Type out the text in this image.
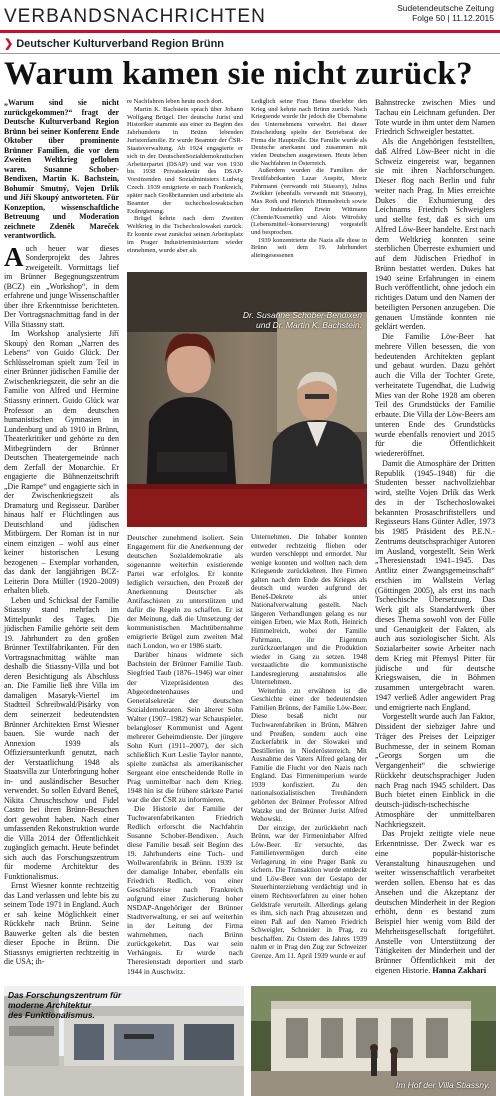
VERBANDSNACHRICHTEN	Sudetendeutsche Zeitung
Folge 50 | 11.12.2015
❯ Deutscher Kulturverband Region Brünn
Warum kamen sie nicht zurück?

„Warum sind sie nicht zurückgekommen?“ fragt der Deutsche Kulturverband Region Brünn bei seiner Konferenz Ende Oktober über prominente Brünner Familien, die vor dem Zweiten Weltkrieg geflohen waren. Susanne Schober-Bendixen, Martin K. Bachstein, Bohumír Smutný, Vojen Drlík und Jiří Skoupý antworteten. Für Konzeption, wissenschaftliche Betreuung und Moderation zeichnete Zdeněk Mareček verantwortlich.

Auch heuer war dieses Sonderprojekt des Jahres zweigeteilt. Vormittags lief im Brünner Begegnungszentrum (BCZ) ein „Workshop“, in dem erfahrene und junge Wissenschaftler über ihre Erkenntnisse berichteten. Der Vortragsnachmittag fand in der Villa Stiassny statt.

Im Workshop analysierte Jiří Skoupý den Roman „Narren des Lebens“ von Guido Glück. Der Schlüsselroman spielt zum Teil in einer Brünner jüdischen Familie der Zwischenkriegszeit, die sehr an die Familie von Alfred und Hermine Stiassny erinnert. Guido Glück war Professor an dem deutschen humanistischen Gymnasien in Lundenburg und ab 1910 in Brünn, Theaterkritiker und gehörte zu den Mitbegründern der Brünner Deutschen Theatergemeinde nach dem Zerfall der Monarchie. Er engagierte die Bühnenzeitschrift „Die Rampe“ und engagierte sich in der Zwischenkriegszeit als Dramaturg und Regisseur. Darüber hinaus half er Flüchtlingen aus Deutschland und jüdischen Mitbürgern. Der Roman ist in nur einem einzigen – wohl aus einer keiner historischen Lesung bezogenen – Exemplar vorhanden, das dank der langjährigen BCZ-Leiterin Dora Müller (1920–2009) erhalten blieb.

Leben und Schicksal der Familie Stiassny stand mehrfach im Mittelpunkt des Tages. Die jüdischen Familie gehörte seit dem 19. Jahrhundert zu den großen Brünner Textilfabrikanten. Für den Vortragsnachmittag wählte man deshalb die Stiassny-Villa und bot deren Besichtigung als Abschluss an. Die Familie ließ ihre Villa im damaligen Masaryk-Viertel im Stadtteil Schreibwald/Pisárky von dem seinerzeit bedeutendsten Brünner Architekten Ernst Wiesner bauen. Sie wurde nach der Annexion 1939 als Offiziersunterkunft genutzt, nach der Verstaatlichung 1948 als Staatsvilla zur Unterbringung hoher in- und ausländischer Besucher verwendet. So sollen Edvard Beneš, Nikita Chruschtschow und Fidel Castro bei ihren Brünn-Besuchen dort gewohnt haben. Nach einer umfassenden Rekonstruktion wurde die Villa 2014 der Öffentlichkeit zugänglich gemacht. Heute befindet sich auch das Forschungszentrum für moderne Architektur des Funktionalismus.

Ernst Wiesner konnte rechtzeitig das Land verlassen und lebte bis zu seinem Tode 1971 in England. Auch er sah keine Möglichkeit einer Rückkehr nach Brünn. Seine Bauwerke gelten als die besten dieser Epoche in Brünn. Die Stiassnys emigrierten rechtzeitig in die USA; ih-

re Nachfahren leben heute noch dort.

Martin K. Bachstein sprach über Johann Wolfgang Brügel. Der deutsche Jurist und Historiker stammte aus einer zu Beginn des Jahrhunderts in Brünn lebenden Juristenfamilie. Er wurde Beamter der ČSR-Staatsverwaltung. Ab 1924 engagierte er sich in der DeutschenSozialdemokratischen Arbeiterpartei (DSAP) und war von 1930 bis 1938 Privatsekretär des DSAP-Vorsitzenden und Sozialministers Ludwig Czech. 1939 emigrierte er nach Frankreich, später nach Großbritannien und arbeitete als Beamter der tschechoslowakischen Exilregierung.

Brügel kehrte nach dem Zweiten Weltkrieg in die Tschechoslowakei zurück. Er konnte zwar zunächst seinen Arbeitsplatz im Prager Industrieministerium wieder einnehmen, wurde aber als

Lediglich seine Frau Hana überlebte den Krieg und kehrte nach Brünn zurück. Nach Kriegsende wurde ihr jedoch die Übernahme des Unternehmens verwehrt. Bei dieser Entscheidung spielte der Betriebsrat der Firma die Hauptrolle. Die Familie wurde als Deutsche anerkannt und zusammen mit vielen Deutschen ausgewiesen. Heute leben die Nachfahren in Österreich.

Außerdem wurden die Familien der Textilfabrikanten Lazar Auspitz, Moriz Fuhrmann (verwandt mit Stiassny), Julius Zwikker (ebenfalls verwandt mit Stiassny), Max Roth und Heinrich Himmelreich sowie der Industriellen Erwin Wittmann (Chemie/Kosmetik) und Alois Witrofsky (Lebensmittel/-konservierung) vorgestellt und besprochen.

1939 konzentrierte die Nazis alle diese in Brünn seit dem 19. Jahrhundert alteingesessenen

Dr. Susanne Schober-Bendixen
und Dr. Martin K. Bachstein.

Deutscher zunehmend isoliert. Sein Engagement für die Anerkennung der deutschen Sozialdemokratie als sogenannte weiterhin existierende Partei war erfolglos. Er konnte lediglich versuchen, den Prozeß der Anerkennung Deutscher als Antifaschisten zu unterstützen und dafür die Regeln zu schaffen. Er ist der Meinung, daß die Umsetzung der kommunistischen Machtübernahme emigrierte Brügel zum zweiten Mal nach London, wo er 1986 starb.

Darüber hinaus widmete sich Bachstein der Brünner Familie Taub. Siegfried Taub (1876–1946) war einer der Vizepräsidenten des Abgeordnetenhauses und Generalsekretär der deutschen Sozialdemokraten. Sein älterer Sohn Walter (1907–1982) war Schauspieler, belangloser Kommunist und Agent mehrerer Geheimdienste. Der jüngere Sohn Kurt (1911–2007), der sich schließlich Kurt Leslie Taylor nannte, spielte zunächst als amerikanischer Sergeant eine entscheidende Rolle in Prag unmittelbar nach dem Krieg. 1948 hin ist die frühere stärkste Partei war die der ČSR zu informieren.

Die Historie der Familie der Tuchwarenfabrikanten Friedrich Redlich erforscht die Nachfahrin Susanne Schober-Bendixen. Auch diese Familie besaß seit Beginn des 19. Jahrhunderts eine Tuch- und Wollwarenfabrik in Brünn. 1939 ist der damalige Inhaber, ebenfalls ein Friedrich Redlich, von einer Geschäftsreise nach Frankreich aufgrund einer Zusicherung hoher NSDAP-Angehöriger der Brünner Stadtverwaltung, er sei auf weiterhin in der Leitung der Firma wahrnehmen, nach Brünn zurückgekehrt. Das war sein Verhängnis. Er wurde nach Theresienstadt deportiert und starb 1944 in Auschwitz.

Unternehmen. Die Inhaber konnten entweder rechtzeitig fliehen oder wurden verschleppt und ermordet. Nur wenige konnten und wollten nach dem Kriegsende zurückkehren. Ihre Firmen galten nach dem Ende des Krieges als deutsch und wurden aufgrund der Beneš-Dekrete als unter Nationalverwaltung gestellt. Nach längeren Verhandlungen gelang es nur einigen Erben, wie Max Roth, Heinrich Himmelreich, wobei der Familie Fuhrmann, ihr Eigentum zurückzuerlangen und die Produktion wieder in Gang zu setzen. 1948 verstaatlichte die kommunistische Landesregierung ausnahmslos alle Unternehmen.

Weiterhin zu erwähnen ist die Geschichte einer der bedeutendsten Familien Brünns, der Familie Löw-Beer. Diese besaß nicht nur Tuchwarenfabriken in Brünn, Mähren und Preußen, sondern auch eine Zuckerfabrik in der Slowakei und Destillerien in Niederösterreich. Mit Ausnahme des Vaters Alfred gelang der Familie die Flucht vor den Nazis nach England. Das Firmenimperium wurde 1939 konfisziert. Zu den nationalsozialistischen Treuhändern gehörten der Brünner Professor Alfred Watzke und der Brünner Jurist Alfred Wehowski.

Der einzige, der zurückkehrt nach Brünn, war der Firmeninhaber Alfred Löw-Beer. Er versuchte, das Familienvermögen durch eine Verlagerung in eine Prager Bank zu sichern. Die Transaktion wurde entdeckt und Löw-Beer von der Gestapo der Steuerhinterziehung verdächtigt und in einem Rechtsverfahren zu einer hohen Geldstrafe verurteilt. Allerdings gelang es ihm, sich nach Prag abzusetzen und einen Paß auf den Namen Friedrich Schweigler, Schneider in Prag, zu beschaffen. Zu Ostern des Jahres 1939 nahm er in Prag den Zug zur Schweizer Grenze. Am 11. April 1939 wurde er auf

Bahnstrecke zwischen Mies und Tachau ein Leichnam gefunden. Der Tote wurde in ihm unter dem Namen Friedrich Schweigler bestattet.

Als die Angehörigen feststellten, daß Alfred Löw-Beer nicht in die Schweiz eingereist war, begannen sie mit ihren Nachforschungen. Dieser flog nach Berlin und fuhr weiter nach Prag. In Mies erreichte Dukes die Exhumierung des Leichnams Friedrich Schweiglers und stellte fest, daß es sich um Alfred Löw-Beer handelte. Erst nach dem Weltkrieg konnten seine sterblichen Überreste exhumiert und auf dem Jüdischen Friedhof in Brünn bestattet werden. Dukes hat 1940 seine Erfahrungen in einem Buch veröffentlicht, ohne jedoch ein richtiges Datum und den Namen der beteiligten Personen anzugeben. Die genauen Umstände konnten nie geklärt werden.

Die Familie Löw-Beer hat mehrere Villen besessen, die von bedeutenden Architekten geplant und gebaut wurden. Dazu gehört auch die Villa der Tochter Grete, verheiratete Tugendhat, die Ludwig Mies van der Rohe 1928 am oberen Teil des Grundstücks der Familie erbaute. Die Villa der Löw-Beers am unteren Ende des Grundstücks wurde ebenfalls renoviert und 2015 für die Öffentlichkeit wiedereröffnet.

Damit die Atmosphäre der Dritten Republik (1945–1948) für die Studenten besser nachvollziehbar wird, stellte Vojen Drlík das Werk des in der Tschechoslowakei bekannten Prosaschriftstellers und Regisseurs Hans Günter Adler, 1973 bis 1985 Präsident des P.E.N.-Zentrums deutschsprachiger Autoren im Ausland, vorgestellt. Sein Werk „Theresienstadt 1941–1945. Das Antlitz einer Zwangsgemeinschaft“ erschien im Wallstein Verlag (Göttingen 2005), als erst ins nach Tschechische Übersetzung. Das Werk gilt als Standardwerk über dieses Thema sowohl von der Fülle und Genauigkeit der Fakten, als auch aus soziologischer Sicht. Als Sozialarbeiter sowie Arbeiter nach dem Krieg mit Přemysl Pitter für jüdische und für deutsche Kriegswaisen, die in Böhmen zusammen untergebracht waren. 1947 verließ Adler angewidert Prag und emigrierte nach England.

Vorgestellt wurde auch Jan Faktor, Dissident der siebziger Jahre und Träger des Preises der Leipziger Buchmesse, der in seinem Roman „Georgs Sorgen um die Vergangenheit“ die schwierige Rückkehr deutschsprachiger Juden nach Prag nach 1945 schildert. Das Buch bietet einen Einblick in die deutsch-jüdisch-tschechische Atmosphäre der unmittelbaren Nachkriegszeit.

Das Projekt zeitigte viele neue Erkenntnisse. Der Zweck war es eine populär-historische Veranstaltung hinauszugehen und weiter wissenschaftlich verarbeitet werden sollen. Ebenso hat es das Ansehen und die Akzeptanz der deutschen Minderheit in der Region erhöht, denn es bestand zum Beispiel hier wenig vom Bild der Mehrheitsgesellschaft fortgeführt. Anstelle von Unterstützung der Tätigkeiten der Minderheit und der Brünner Öffentlichkeit mit der eigenen Historie. Hanna Zakhari

Das Forschungszentrum für
moderne Architektur
des Funktionalismus.
Im Hof der Villa Stiassny.
